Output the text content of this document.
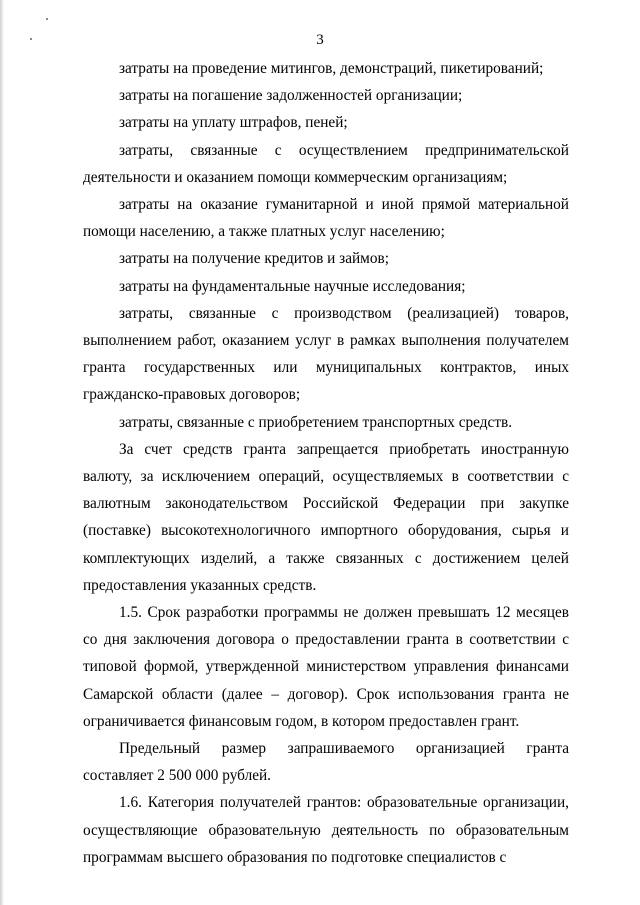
3

затраты на проведение митингов, демонстраций, пикетирований;

затраты на погашение задолженностей организации;

затраты на уплату штрафов, пеней;

затраты, связанные с осуществлением предпринимательской деятельности и оказанием помощи коммерческим организациям;

затраты на оказание гуманитарной и иной прямой материальной помощи населению, а также платных услуг населению;

затраты на получение кредитов и займов;

затраты на фундаментальные научные исследования;

затраты, связанные с производством (реализацией) товаров, выполнением работ, оказанием услуг в рамках выполнения получателем гранта государственных или муниципальных контрактов, иных гражданско-правовых договоров;

затраты, связанные с приобретением транспортных средств.

За счет средств гранта запрещается приобретать иностранную валюту, за исключением операций, осуществляемых в соответствии с валютным законодательством Российской Федерации при закупке (поставке) высокотехнологичного импортного оборудования, сырья и комплектующих изделий, а также связанных с достижением целей предоставления указанных средств.

1.5. Срок разработки программы не должен превышать 12 месяцев со дня заключения договора о предоставлении гранта в соответствии с типовой формой, утвержденной министерством управления финансами Самарской области (далее – договор). Срок использования гранта не ограничивается финансовым годом, в котором предоставлен грант.

Предельный размер запрашиваемого организацией гранта составляет 2 500 000 рублей.

1.6. Категория получателей грантов: образовательные организации, осуществляющие образовательную деятельность по образовательным программам высшего образования по подготовке специалистов с
